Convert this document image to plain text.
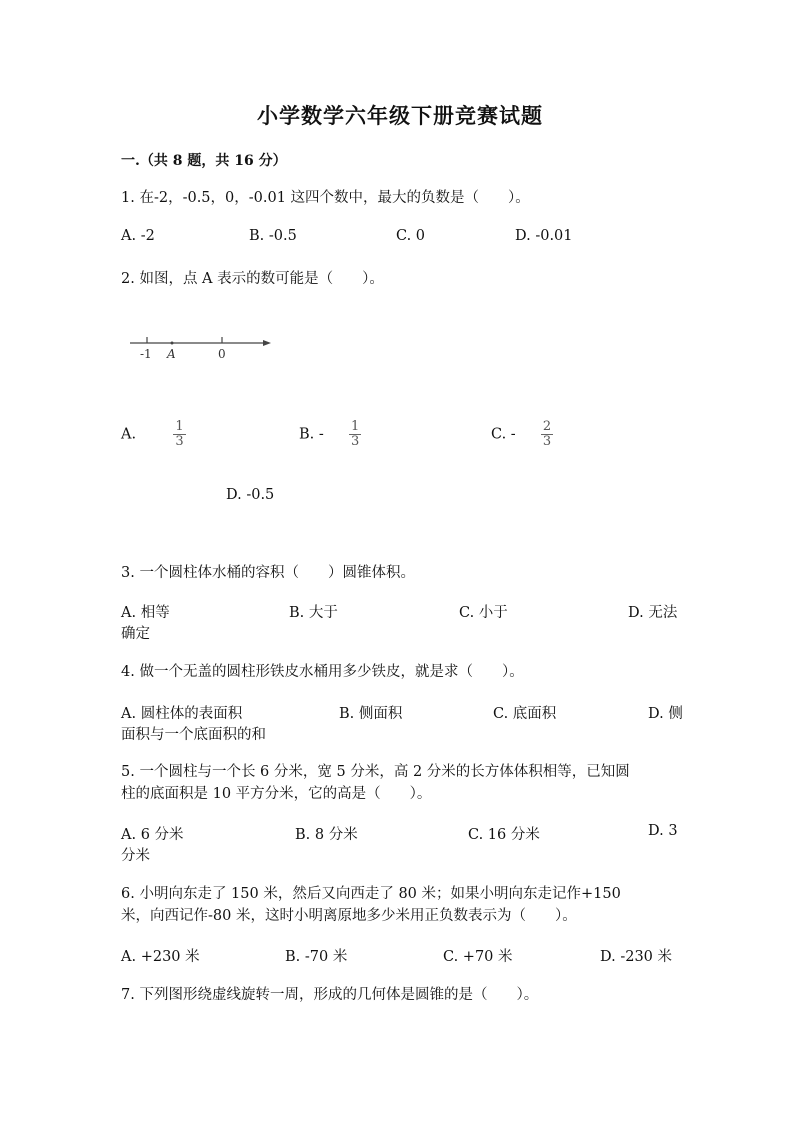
小学数学六年级下册竞赛试题
一.（共 8 题，共 16 分）
1. 在-2，-0.5，0，-0.01 这四个数中，最大的负数是（　　）。
A. -2	B. -0.5	C. 0	D. -0.01
2. 如图，点 A 表示的数可能是（　　）。
-1 A	0
A.	$\frac{1}{3}$	B. - $\frac{1}{3}$	C. - $\frac{2}{3}$
D. -0.5
3. 一个圆柱体水桶的容积（　　）圆锥体积。
A. 相等	B. 大于	C. 小于	D. 无法
确定
4. 做一个无盖的圆柱形铁皮水桶用多少铁皮，就是求（　　）。
A. 圆柱体的表面积	B. 侧面积	C. 底面积	D. 侧
面积与一个底面积的和
5. 一个圆柱与一个长 6 分米，宽 5 分米，高 2 分米的长方体体积相等，已知圆
柱的底面积是 10 平方分米，它的高是（　　）。
A. 6 分米	B. 8 分米	C. 16 分米	D. 3
分米
6. 小明向东走了 150 米，然后又向西走了 80 米；如果小明向东走记作+150
米，向西记作-80 米，这时小明离原地多少米用正负数表示为（　　）。
A. +230 米	B. -70 米	C. +70 米	D. -230 米
7. 下列图形绕虚线旋转一周，形成的几何体是圆锥的是（　　）。
